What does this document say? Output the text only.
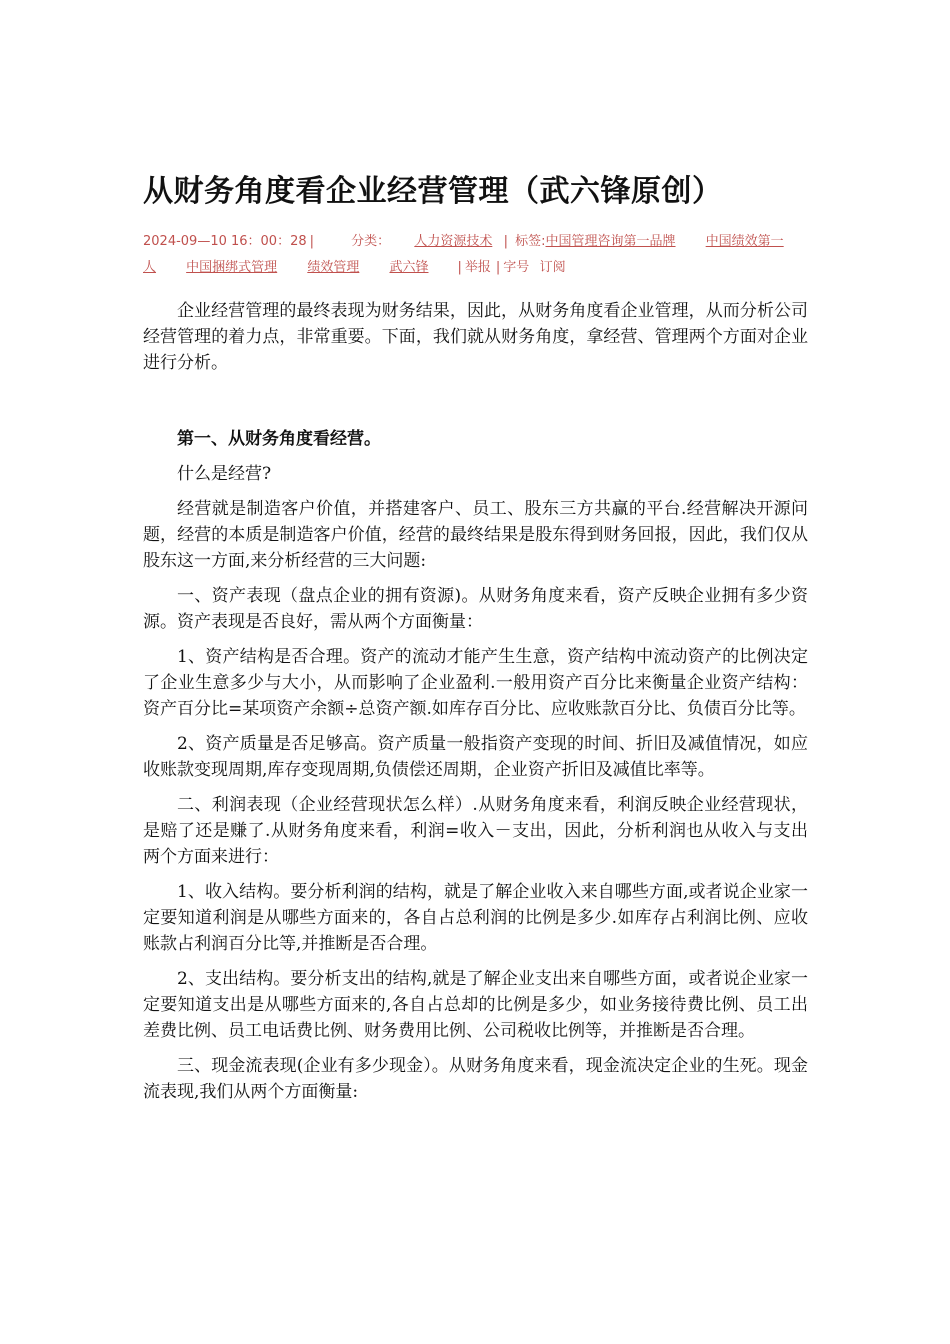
从财务角度看企业经营管理（武六锋原创）
2024-09—10 16：00：28 |	分类： 人力资源技术  | 标签:中国管理咨询第一品牌 中国绩效第一人 中国捆绑式管理 绩效管理 武六锋 | 举报 | 字号 订阅

企业经营管理的最终表现为财务结果，因此，从财务角度看企业管理，从而分析公司经营管理的着力点，非常重要。下面，我们就从财务角度，拿经营、管理两个方面对企业进行分析。

第一、从财务角度看经营。

什么是经营?

经营就是制造客户价值，并搭建客户、员工、股东三方共赢的平台.经营解决开源问题，经营的本质是制造客户价值，经营的最终结果是股东得到财务回报，因此，我们仅从股东这一方面,来分析经营的三大问题:

一、资产表现（盘点企业的拥有资源)。从财务角度来看，资产反映企业拥有多少资源。资产表现是否良好，需从两个方面衡量：

1、资产结构是否合理。资产的流动才能产生生意，资产结构中流动资产的比例决定了企业生意多少与大小，从而影响了企业盈利.一般用资产百分比来衡量企业资产结构：资产百分比=某项资产余额÷总资产额.如库存百分比、应收账款百分比、负债百分比等。

2、资产质量是否足够高。资产质量一般指资产变现的时间、折旧及减值情况，如应收账款变现周期,库存变现周期,负债偿还周期，企业资产折旧及减值比率等。

二、利润表现（企业经营现状怎么样）.从财务角度来看，利润反映企业经营现状，是赔了还是赚了.从财务角度来看，利润=收入－支出，因此，分析利润也从收入与支出两个方面来进行：

1、收入结构。要分析利润的结构，就是了解企业收入来自哪些方面,或者说企业家一定要知道利润是从哪些方面来的，各自占总利润的比例是多少.如库存占利润比例、应收账款占利润百分比等,并推断是否合理。

2、支出结构。要分析支出的结构,就是了解企业支出来自哪些方面，或者说企业家一定要知道支出是从哪些方面来的,各自占总却的比例是多少，如业务接待费比例、员工出差费比例、员工电话费比例、财务费用比例、公司税收比例等，并推断是否合理。

三、现金流表现(企业有多少现金）。从财务角度来看，现金流决定企业的生死。现金流表现,我们从两个方面衡量:
